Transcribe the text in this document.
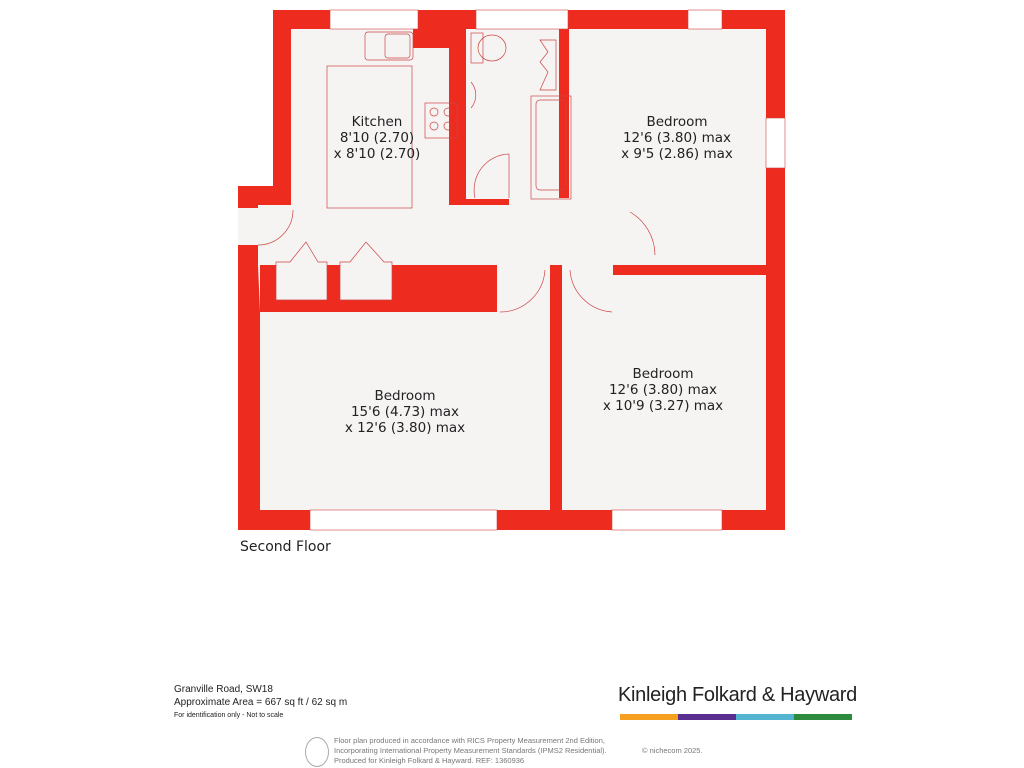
Kitchen
8'10 (2.70)
x 8'10 (2.70)
Bedroom
12'6 (3.80) max
x 9'5 (2.86) max
Bedroom
15'6 (4.73) max
x 12'6 (3.80) max
Bedroom
12'6 (3.80) max
x 10'9 (3.27) max
Second Floor
Granville Road, SW18
Approximate Area = 667 sq ft / 62 sq m
For identification only - Not to scale
Kinleigh Folkard & Hayward
Floor plan produced in accordance with RICS Property Measurement 2nd Edition,
Incorporating International Property Measurement Standards (IPMS2 Residential).
Produced for Kinleigh Folkard & Hayward. REF: 1360936
© nichecom 2025.
